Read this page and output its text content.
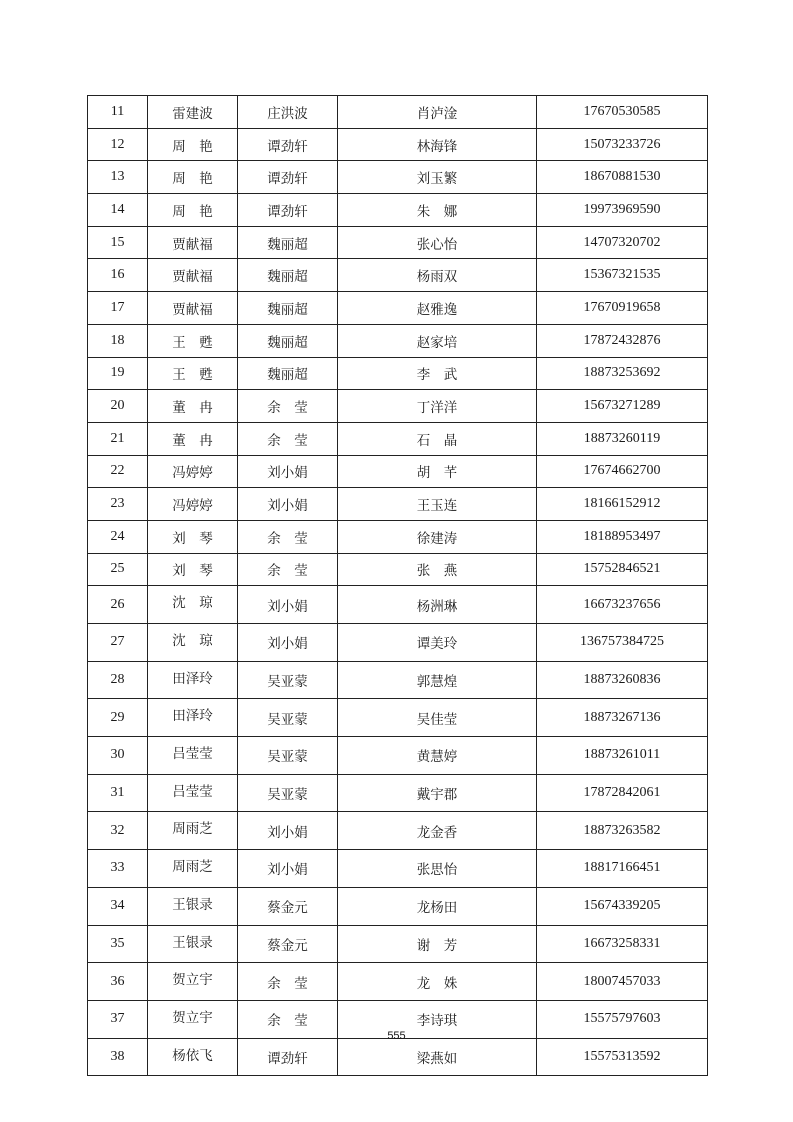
11	雷建波	庄洪波	肖泸淦	17670530585
12	周　艳	谭劲轩	林海锋	15073233726
13	周　艳	谭劲轩	刘玉繁	18670881530
14	周　艳	谭劲轩	朱　娜	19973969590
15	贾献福	魏丽超	张心怡	14707320702
16	贾献福	魏丽超	杨雨双	15367321535
17	贾献福	魏丽超	赵雅逸	17670919658
18	王　甦	魏丽超	赵家培	17872432876
19	王　甦	魏丽超	李　武	18873253692
20	董　冉	余　莹	丁洋洋	15673271289
21	董　冉	余　莹	石　晶	18873260119
22	冯婷婷	刘小娟	胡　芊	17674662700
23	冯婷婷	刘小娟	王玉连	18166152912
24	刘　琴	余　莹	徐建涛	18188953497
25	刘　琴	余　莹	张　燕	15752846521
26	沈　琼	刘小娟	杨洲琳	16673237656
27	沈　琼	刘小娟	谭美玲	136757384725
28	田泽玲	吴亚蒙	郭慧煌	18873260836
29	田泽玲	吴亚蒙	吴佳莹	18873267136
30	吕莹莹	吴亚蒙	黄慧婷	18873261011
31	吕莹莹	吴亚蒙	戴宇郡	17872842061
32	周雨芝	刘小娟	龙金香	18873263582
33	周雨芝	刘小娟	张思怡	18817166451
34	王银录	蔡金元	龙杨田	15674339205
35	王银录	蔡金元	谢　芳	16673258331
36	贺立宇	余　莹	龙　姝	18007457033
37	贺立宇	余　莹	李诗琪	15575797603
38	杨依飞	谭劲轩	梁燕如	15575313592
555
